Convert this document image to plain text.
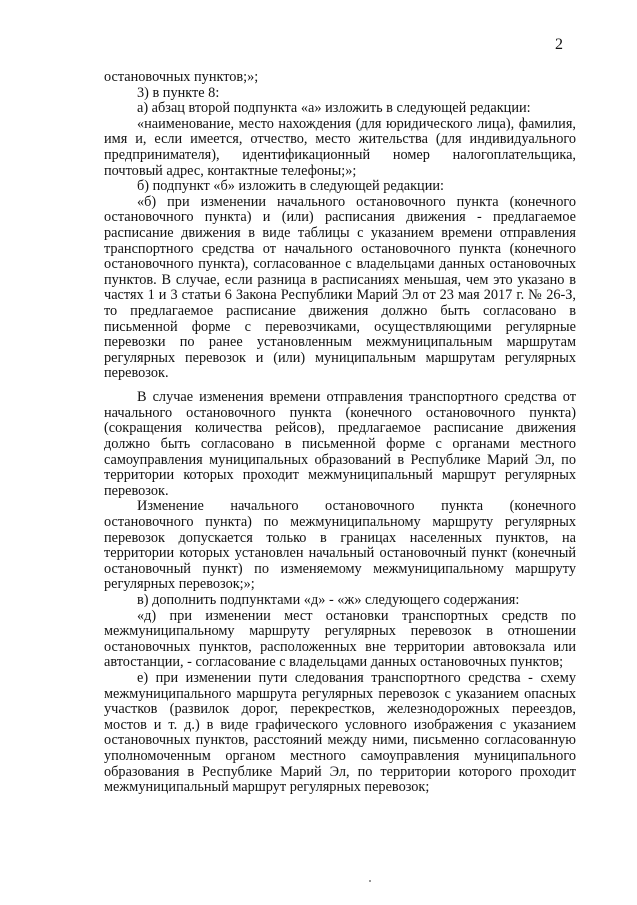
2

остановочных пунктов;»;

3) в пункте 8:

а) абзац второй подпункта «а» изложить в следующей редакции:

«наименование, место нахождения (для юридического лица), фамилия, имя и, если имеется, отчество, место жительства (для индивидуального предпринимателя), идентификационный номер налогоплательщика, почтовый адрес, контактные телефоны;»;

б) подпункт «б» изложить в следующей редакции:

«б) при изменении начального остановочного пункта (конечного остановочного пункта) и (или) расписания движения - предлагаемое расписание движения в виде таблицы с указанием времени отправления транспортного средства от начального остановочного пункта (конечного остановочного пункта), согласованное с владельцами данных остановочных пунктов. В случае, если разница в расписаниях меньшая, чем это указано в частях 1 и 3 статьи 6 Закона Республики Марий Эл от 23 мая 2017 г. № 26-З, то предлагаемое расписание движения должно быть согласовано в письменной форме с перевозчиками, осуществляющими регулярные перевозки по ранее установленным межмуниципальным маршрутам регулярных перевозок и (или) муниципальным маршрутам регулярных перевозок.

В случае изменения времени отправления транспортного средства от начального остановочного пункта (конечного остановочного пункта) (сокращения количества рейсов), предлагаемое расписание движения должно быть согласовано в письменной форме с органами местного самоуправления муниципальных образований в Республике Марий Эл, по территории которых проходит межмуниципальный маршрут регулярных перевозок.

Изменение начального остановочного пункта (конечного остановочного пункта) по межмуниципальному маршруту регулярных перевозок допускается только в границах населенных пунктов, на территории которых установлен начальный остановочный пункт (конечный остановочный пункт) по изменяемому межмуниципальному маршруту регулярных перевозок;»;

в) дополнить подпунктами «д» - «ж» следующего содержания:

«д) при изменении мест остановки транспортных средств по межмуниципальному маршруту регулярных перевозок в отношении остановочных пунктов, расположенных вне территории автовокзала или автостанции, - согласование с владельцами данных остановочных пунктов;

е) при изменении пути следования транспортного средства - схему межмуниципального маршрута регулярных перевозок с указанием опасных участков (развилок дорог, перекрестков, железнодорожных переездов, мостов и т. д.) в виде графического условного изображения с указанием остановочных пунктов, расстояний между ними, письменно согласованную уполномоченным органом местного самоуправления муниципального образования в Республике Марий Эл, по территории которого проходит межмуниципальный маршрут регулярных перевозок;
